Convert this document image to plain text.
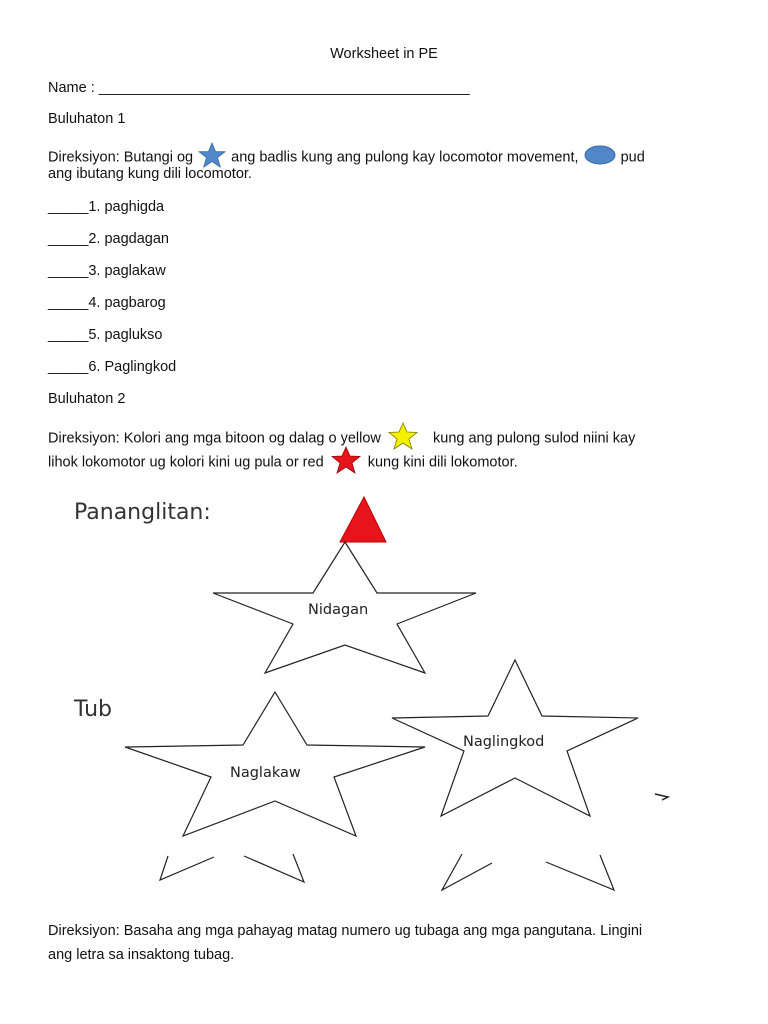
Worksheet in PE
Name : ______________________________________________
Buluhaton 1
Direksiyon: Butangi og	ang badlis kung ang pulong kay locomotor movement,	pud
ang ibutang kung dili locomotor.
_____1. paghigda
_____2. pagdagan
_____3. paglakaw
_____4. pagbarog
_____5. paglukso
_____6. Paglingkod
Buluhaton 2
Direksiyon: Kolori ang mga bitoon og dalag o yellow	kung ang pulong sulod niini kay
lihok lokomotor ug kolori kini ug pula or red	kung kini dili lokomotor.
Pananglitan:
Tub
Nidagan
Naglakaw
Naglingkod
Direksiyon: Basaha ang mga pahayag matag numero ug tubaga ang mga pangutana. Lingini
ang letra sa insaktong tubag.
